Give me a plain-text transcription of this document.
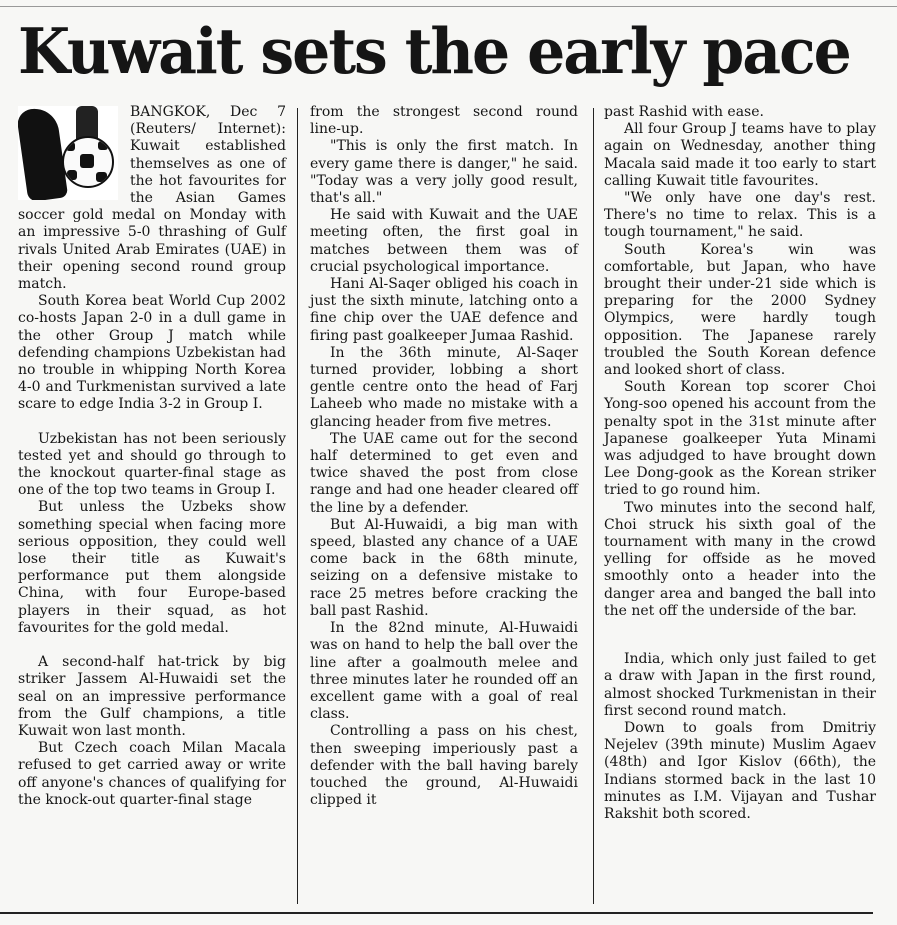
Kuwait sets the early pace

BANGKOK, Dec 7 (Reuters/ Internet): Kuwait established themselves as one of the hot favourites for the Asian Games soccer gold medal on Monday with an impressive 5-0 thrashing of Gulf rivals United Arab Emirates (UAE) in their opening second round group match.

South Korea beat World Cup 2002 co-hosts Japan 2-0 in a dull game in the other Group J match while defending champions Uzbekistan had no trouble in whipping North Korea 4-0 and Turkmenistan survived a late scare to edge India 3-2 in Group I.

Uzbekistan has not been seriously tested yet and should go through to the knockout quarter-final stage as one of the top two teams in Group I.

But unless the Uzbeks show something special when facing more serious opposition, they could well lose their title as Kuwait's performance put them alongside China, with four Europe-based players in their squad, as hot favourites for the gold medal.

A second-half hat-trick by big striker Jassem Al-Huwaidi set the seal on an impressive performance from the Gulf champions, a title Kuwait won last month.

But Czech coach Milan Macala refused to get carried away or write off anyone's chances of qualifying for the knock-out quarter-final stage

from the strongest second round line-up.

"This is only the first match. In every game there is danger," he said. "Today was a very jolly good result, that's all."

He said with Kuwait and the UAE meeting often, the first goal in matches between them was of crucial psychological importance.

Hani Al-Saqer obliged his coach in just the sixth minute, latching onto a fine chip over the UAE defence and firing past goalkeeper Jumaa Rashid.

In the 36th minute, Al-Saqer turned provider, lobbing a short gentle centre onto the head of Farj Laheeb who made no mistake with a glancing header from five metres.

The UAE came out for the second half determined to get even and twice shaved the post from close range and had one header cleared off the line by a defender.

But Al-Huwaidi, a big man with speed, blasted any chance of a UAE come back in the 68th minute, seizing on a defensive mistake to race 25 metres before cracking the ball past Rashid.

In the 82nd minute, Al-Huwaidi was on hand to help the ball over the line after a goalmouth melee and three minutes later he rounded off an excellent game with a goal of real class.

Controlling a pass on his chest, then sweeping imperiously past a defender with the ball having barely touched the ground, Al-Huwaidi clipped it

past Rashid with ease.

All four Group J teams have to play again on Wednesday, another thing Macala said made it too early to start calling Kuwait title favourites.

"We only have one day's rest. There's no time to relax. This is a tough tournament," he said.

South Korea's win was comfortable, but Japan, who have brought their under-21 side which is preparing for the 2000 Sydney Olympics, were hardly tough opposition. The Japanese rarely troubled the South Korean defence and looked short of class.

South Korean top scorer Choi Yong-soo opened his account from the penalty spot in the 31st minute after Japanese goalkeeper Yuta Minami was adjudged to have brought down Lee Dong-gook as the Korean striker tried to go round him.

Two minutes into the second half, Choi struck his sixth goal of the tournament with many in the crowd yelling for offside as he moved smoothly onto a header into the danger area and banged the ball into the net off the underside of the bar.

India, which only just failed to get a draw with Japan in the first round, almost shocked Turkmenistan in their first second round match.

Down to goals from Dmitriy Nejelev (39th minute) Muslim Agaev (48th) and Igor Kislov (66th), the Indians stormed back in the last 10 minutes as I.M. Vijayan and Tushar Rakshit both scored.
